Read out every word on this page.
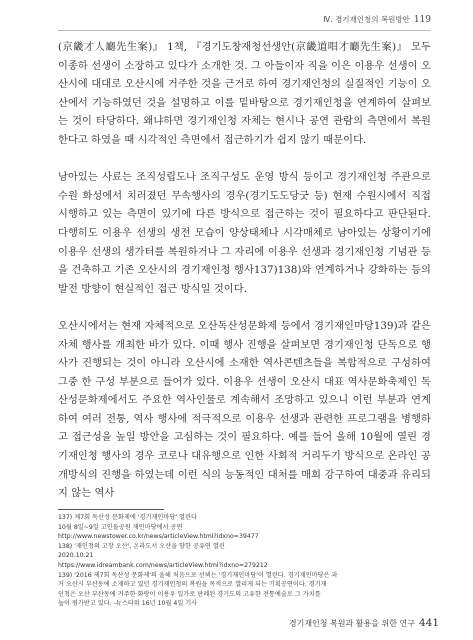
Ⅳ. 경기재인청의 복원방안 119

(京畿才人廳先生案)』 1책, 『경기도창재청선생안(京畿道唱才廳先生案)』 모두 이종하 선생이 소장하고 있다가 소개한 것. 그 아들이자 직을 이은 이용우 선생이 오산시에 대대로 오산시에 거주한 것을 근거로 하여 경기재인청의 실질적인 기능이 오산에서 기능하였던 것을 설명하고 이를 밑바탕으로 경기재인청을 연계하여 살펴보는 것이 타당하다. 왜냐하면 경기재인청 자체는 현시나 공연 관람의 측면에서 복원한다고 하였을 때 시각적인 측면에서 접근하기가 쉽지 않기 때문이다.

남아있는 사료는 조직성립도나 조직구성도 운영 방식 등이고 경기재인청 주관으로 수원 화성에서 치러졌던 무속행사의 경우(경기도도당굿 등) 현재 수원시에서 직접 시행하고 있는 측면이 있기에 다른 방식으로 접근하는 것이 필요하다고 판단된다. 다행히도 이용우 선생의 생전 모습이 양상태체나 시각매체로 남아있는 상황이기에 이용우 선생의 생가터를 복원하거나 그 자리에 이용우 선생과 경기재인청 기념관 등을 건축하고 기존 오산시의 경기재인청 행사137)138)와 연계하거나 강화하는 등의 발전 방향이 현실적인 접근 방식일 것이다.

오산시에서는 현재 자체적으로 오산독산성문화제 등에서 경기재인마당139)과 같은 자체 행사를 개최한 바가 있다. 이때 행사 진행을 살펴보면 경기재인청 단독으로 행사가 진행되는 것이 아니라 오산시에 소재한 역사콘텐츠들을 복합적으로 구성하여 그중 한 구성 부분으로 들어가 있다. 이용우 선생이 오산시 대표 역사문화축제인 독산성문화제에서도 주요한 역사인물로 계속해서 조망하고 있으니 이런 부분과 연계하여 여러 전통, 역사 행사에 적극적으로 이용우 선생과 관련한 프로그램을 병행하고 접근성을 높일 방안을 고심하는 것이 필요하다. 예를 들어 올해 10월에 열린 경기재인청 행사의 경우 코로나 대유행으로 인한 사회적 거리두기 방식으로 온라인 공개방식의 진행을 하였는데 이런 식의 능동적인 대처를 매회 강구하여 대중과 유리되지 않는 역사

137) 제7회 독산성 문화제에 '경기재인마당' 열린다
10월 8일~9일 고인돌공원 재인마당에서 공연
http://www.newstower.co.kr/news/articleView.html?idxno=39477
138) '재인청의 고장 오산', 온라도서 오산을 향한 공유연 열린
2020.10.21
https://www.idreambank.com/news/articleView.html?idxno=279212
139) '2016 제7회 독산성 문화제'의 올해 처음으로 선뵈는 '경기재인마당'이 열린다. 경기재인마당은 과
거 오산시 부산동에 소재하고 있던 경기재인청의 복원을 목적으로 열리게 되는 기획공연이다. 경기재
인청은 오산 부산동에 거주한 화랑이 이용우 일가로 판례된 경기도의 고유한 전통예술로 그 가치를
높이 평가받고 있다. -뉴스타워 16년 10월 4일 기사
경기재인청 복원과 활용을 위한 연구 441
